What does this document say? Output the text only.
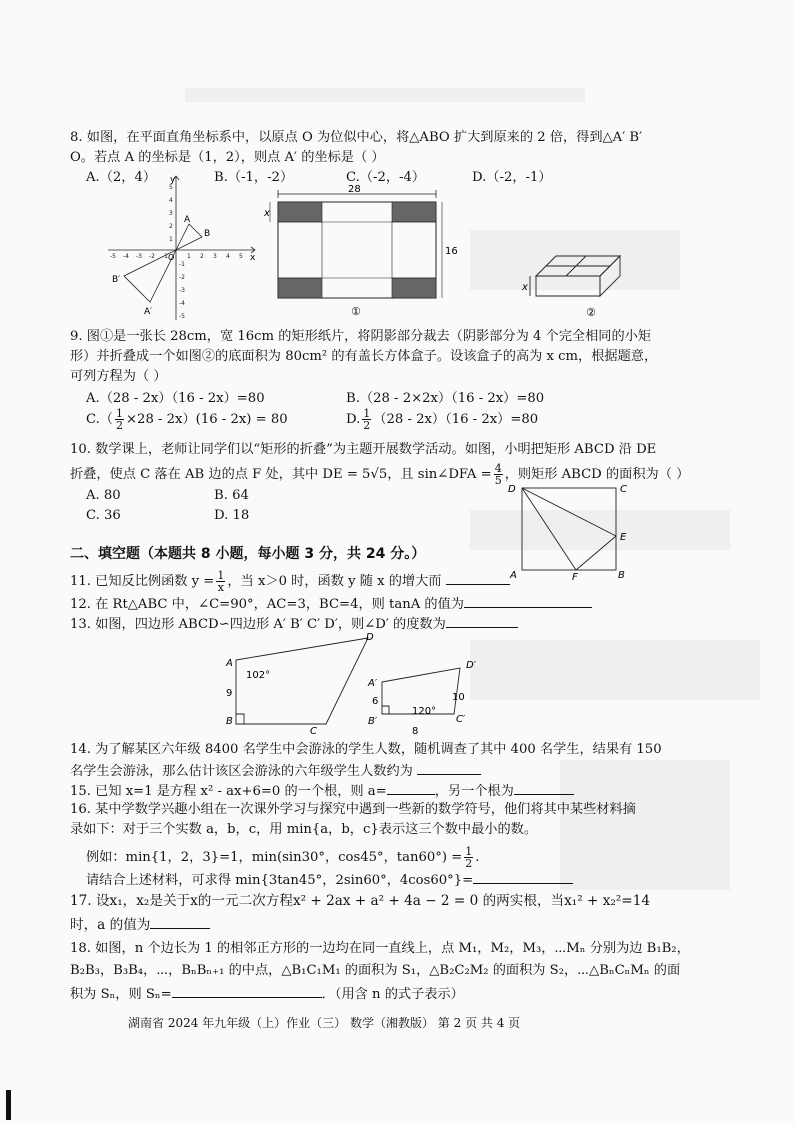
8. 如图，在平面直角坐标系中，以原点 O 为位似中心，将△ABO 扩大到原来的 2 倍，得到△A′ B′
O。若点 A 的坐标是（1，2），则点 A′ 的坐标是（ ）
A.（2，4）	B.（-1，-2）	C.（-2，-4）	D.（-2，-1）
y
x
O
A
B
A′
B′
-5 -4 -3 -2 -1	1 2 3 4 5
5
4
3
2
1
-1
-2
-3
-4
-5
28
x
16
①
x
②
9. 图①是一张长 28cm，宽 16cm 的矩形纸片，将阴影部分裁去（阴影部分为 4 个完全相同的小矩
形）并折叠成一个如图②的底面积为 80cm² 的有盖长方体盒子。设该盒子的高为 x cm，根据题意，
可列方程为（ ）
A.（28 - 2x）（16 - 2x）=80	B.（28 - 2×2x）（16 - 2x）=80
$C.( \frac{1}{2} \times 28 - 2x)(16 - 2x) = 80$	D. $\frac{1}{2} (28 - 2x)(16 - 2x)=80$
10. 数学课上，老师让同学们以“矩形的折叠”为主题开展数学活动。如图，小明把矩形 ABCD 沿 DE
折叠，使点 C 落在 AB 边的点 F 处，其中 DE = 5√5，且 sin∠DFA = $\frac{4}{5}$ ，则矩形 ABCD 的面积为（ ）
A. 80	B. 64
C. 36	D. 18
D	C
E
A	F	B
二、填空题（本题共 8 小题，每小题 3 分，共 24 分。）
11. 已知反比例函数 $y = \frac{1}{x}$ ，当 x＞0 时，函数 y 随 x 的增大而
12. 在 Rt△ABC 中，∠C=90°，AC=3，BC=4，则 tanA 的值为
13. 如图，四边形 ABCD∽四边形 A′ B′ C′ D′，则∠D′ 的度数为
A
102°
D
9
B
C
A′
D′
6	10
120°
B′	C′
8
14. 为了解某区六年级 8400 名学生中会游泳的学生人数，随机调查了其中 400 名学生，结果有 150
名学生会游泳，那么估计该区会游泳的六年级学生人数约为
15. 已知 x=1 是方程 x² - ax+6=0 的一个根，则 a=	，另一个根为
16. 某中学数学兴趣小组在一次课外学习与探究中遇到一些新的数学符号，他们将其中某些材料摘
录如下：对于三个实数 a，b，c，用 min{a，b，c}表示这三个数中最小的数。
例如：min{1，2，3}=1，min(sin30°，cos45°，$\tan 60^\circ) = \frac{1}{2}$ .
请结合上述材料，可求得 min{3tan45°，2sin60°，4cos60°}=
17. 设x₁，x₂是关于x的一元二次方程x² + 2ax + a² + 4a − 2 = 0 的两实根，当x₁² + x₂²=14
时，a 的值为
18. 如图，n 个边长为 1 的相邻正方形的一边均在同一直线上，点 M₁，M₂，M₃，⋯Mₙ 分别为边 B₁B₂，
B₂B₃，B₃B₄，⋯，BₙBₙ₊₁ 的中点，△B₁C₁M₁ 的面积为 S₁，△B₂C₂M₂ 的面积为 S₂，⋯△BₙCₙMₙ 的面
积为 Sₙ，则 Sₙ=	．（用含 n 的式子表示）
湖南省 2024 年九年级（上）作业（三） 数学（湘教版） 第 2 页 共 4 页
